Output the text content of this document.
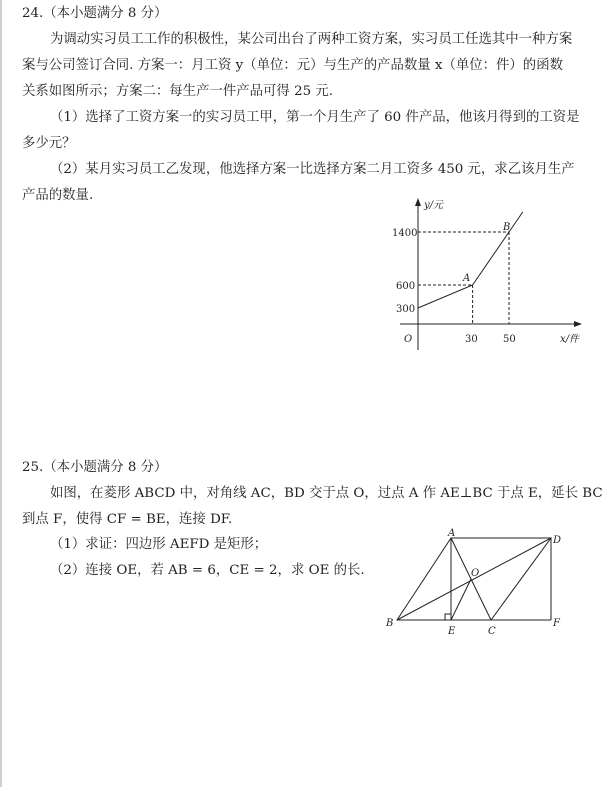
24.（本小题满分 8 分）
为调动实习员工工作的积极性，某公司出台了两种工资方案，实习员工任选其中一种方案
案与公司签订合同. 方案一：月工资 y（单位：元）与生产的产品数量 x（单位：件）的函数
关系如图所示；方案二：每生产一件产品可得 25 元.
（1）选择了工资方案一的实习员工甲，第一个月生产了 60 件产品，他该月得到的工资是
多少元？
（2）某月实习员工乙发现，他选择方案一比选择方案二月工资多 450 元，求乙该月生产
产品的数量.
y/元
x/件
O
1400
600
300
30	50
A
B
25.（本小题满分 8 分）
如图，在菱形 ABCD 中，对角线 AC，BD 交于点 O，过点 A 作 AE⊥BC 于点 E，延长 BC
到点 F，使得 CF = BE，连接 DF.
（1）求证：四边形 AEFD 是矩形；
（2）连接 OE，若 AB = 6，CE = 2，求 OE 的长.
A
B
C
D
E
F
O
